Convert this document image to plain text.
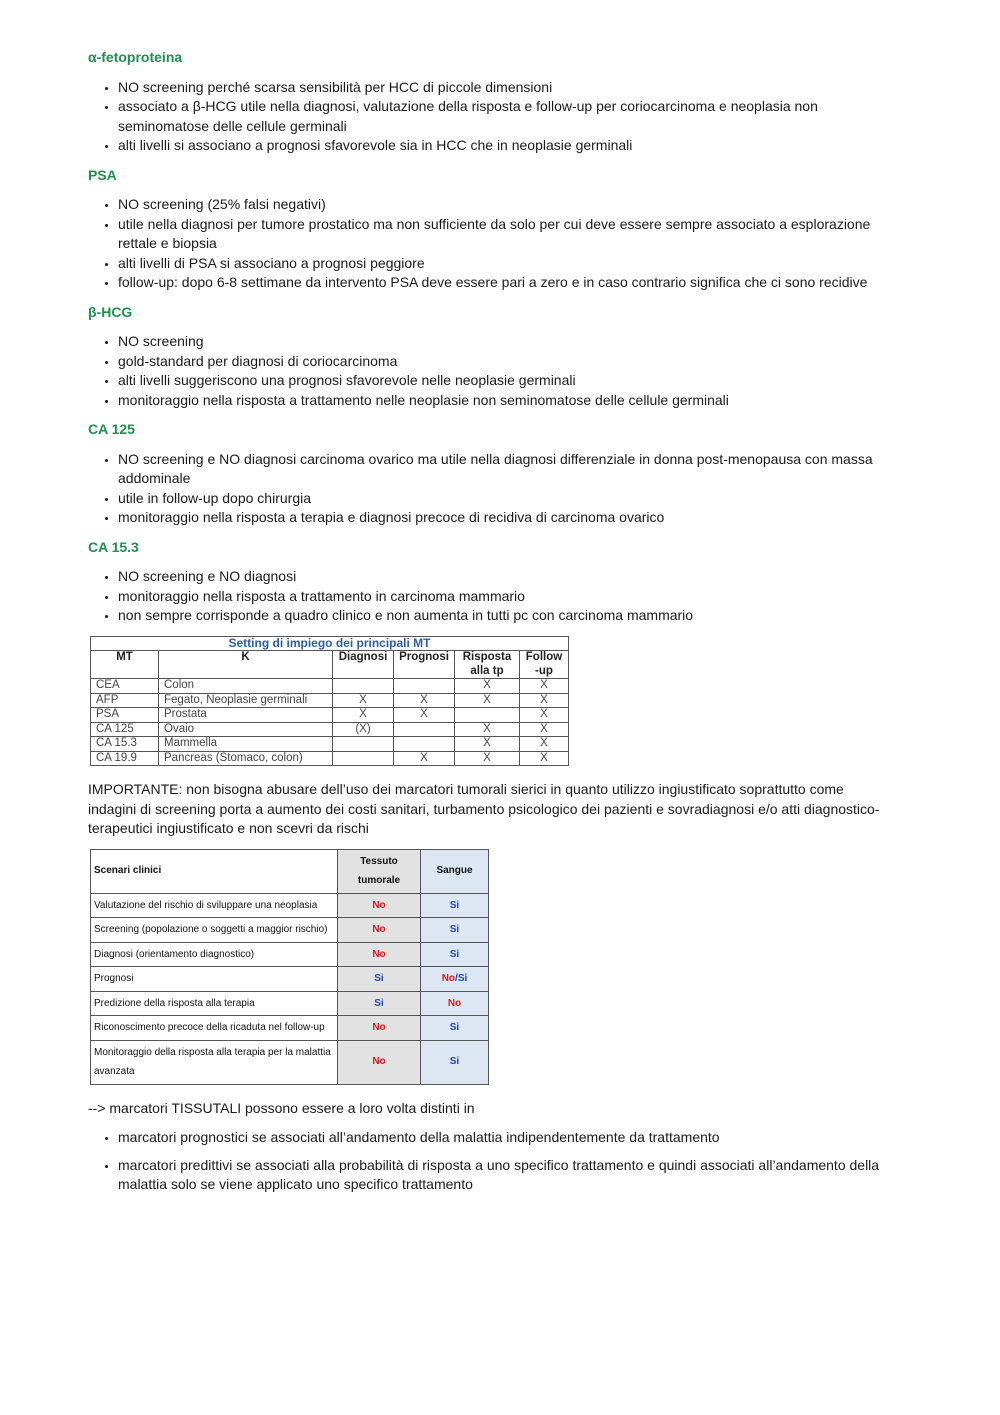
α-fetoproteina
• NO screening perché scarsa sensibilità per HCC di piccole dimensioni
• associato a β-HCG utile nella diagnosi, valutazione della risposta e follow-up per coriocarcinoma e neoplasia non seminomatose delle cellule germinali
• alti livelli si associano a prognosi sfavorevole sia in HCC che in neoplasie germinali
PSA
• NO screening (25% falsi negativi)
• utile nella diagnosi per tumore prostatico ma non sufficiente da solo per cui deve essere sempre associato a esplorazione rettale e biopsia
• alti livelli di PSA si associano a prognosi peggiore
• follow-up: dopo 6-8 settimane da intervento PSA deve essere pari a zero e in caso contrario significa che ci sono recidive
β-HCG
• NO screening
• gold-standard per diagnosi di coriocarcinoma
• alti livelli suggeriscono una prognosi sfavorevole nelle neoplasie germinali
• monitoraggio nella risposta a trattamento nelle neoplasie non seminomatose delle cellule germinali
CA 125
• NO screening e NO diagnosi carcinoma ovarico ma utile nella diagnosi differenziale in donna post-menopausa con massa addominale
• utile in follow-up dopo chirurgia
• monitoraggio nella risposta a terapia e diagnosi precoce di recidiva di carcinoma ovarico
CA 15.3
• NO screening e NO diagnosi
• monitoraggio nella risposta a trattamento in carcinoma mammario
• non sempre corrisponde a quadro clinico e non aumenta in tutti pc con carcinoma mammario
Setting di impiego dei principali MT					
MT	K	Diagnosi	Prognosi	Risposta alla tp	Follow -up
CEA	Colon			X	X
AFP	Fegato, Neoplasie germinali	X	X	X	X
PSA	Prostata	X	X		X
CA 125	Ovaio	(X)		X	X
CA 15.3	Mammella			X	X
CA 19.9	Pancreas (Stomaco, colon)		X	X	X

IMPORTANTE: non bisogna abusare dell’uso dei marcatori tumorali sierici in quanto utilizzo ingiustificato soprattutto come indagini di screening porta a aumento dei costi sanitari, turbamento psicologico dei pazienti e sovradiagnosi e/o atti diagnostico-terapeutici ingiustificato e non scevri da rischi

Scenari clinici	Tessuto tumorale	Sangue
Valutazione del rischio di sviluppare una neoplasia	No	Si
Screening (popolazione o soggetti a maggior rischio)	No	Si
Diagnosi (orientamento diagnostico)	No	Si
Prognosi	Si	No/Si
Predizione della risposta alla terapia	Si	No
Riconoscimento precoce della ricaduta nel follow-up	No	Si
Monitoraggio della risposta alla terapia per la malattia avanzata	No	Si

--> marcatori TISSUTALI possono essere a loro volta distinti in

• marcatori prognostici se associati all’andamento della malattia indipendentemente da trattamento
• marcatori predittivi se associati alla probabilità di risposta a uno specifico trattamento e quindi associati all’andamento della malattia solo se viene applicato uno specifico trattamento
